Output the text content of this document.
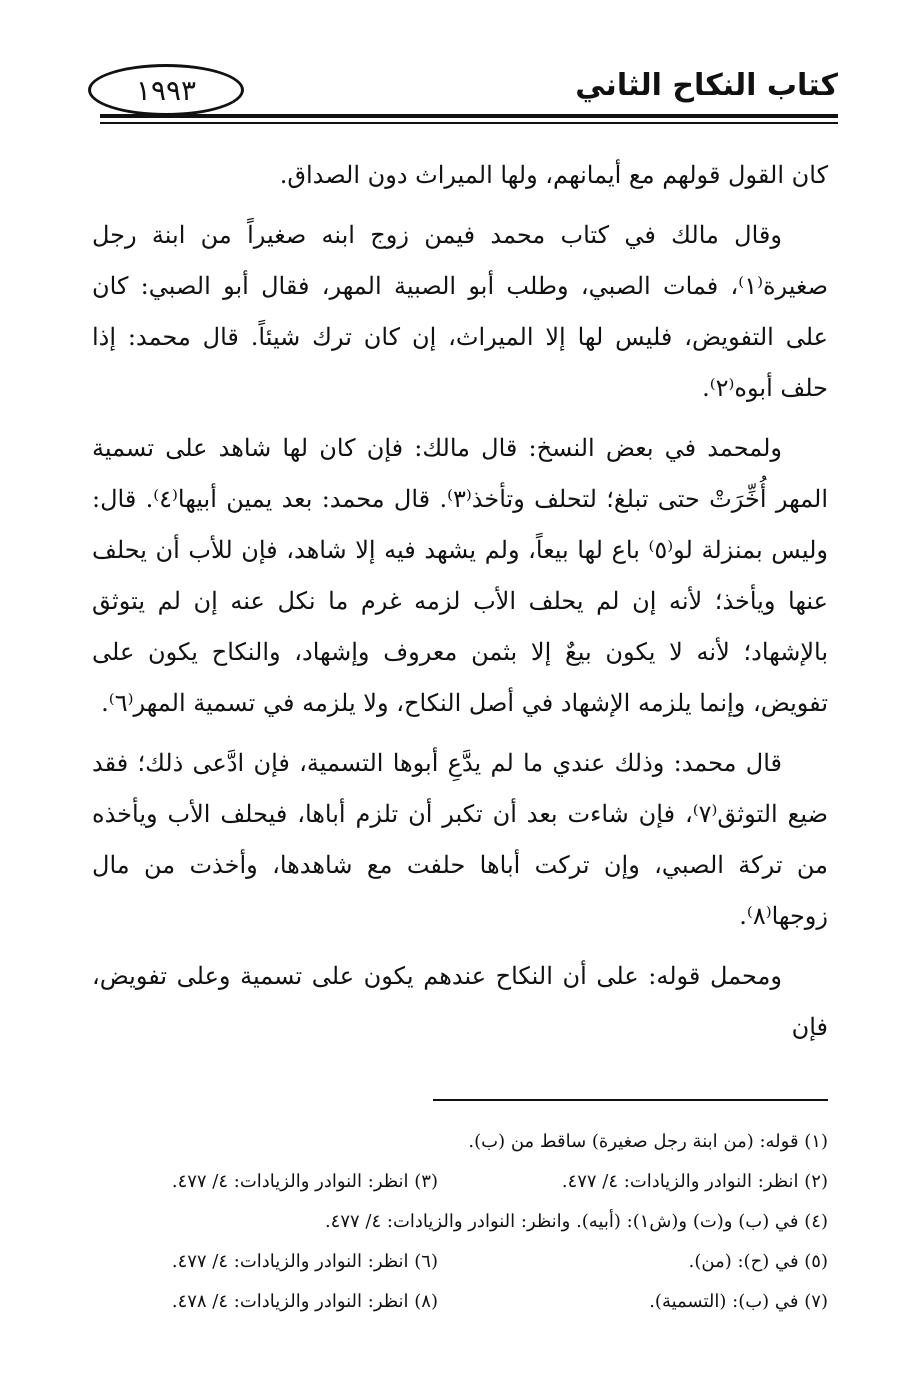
كتاب النكاح الثاني
١٩٩٣

كان القول قولهم مع أيمانهم، ولها الميراث دون الصداق.

وقال مالك في كتاب محمد فيمن زوج ابنه صغيراً من ابنة رجل صغيرة⁽١⁾، فمات الصبي، وطلب أبو الصبية المهر، فقال أبو الصبي: كان على التفويض، فليس لها إلا الميراث، إن كان ترك شيئاً. قال محمد: إذا حلف أبوه⁽٢⁾.

ولمحمد في بعض النسخ: قال مالك: فإن كان لها شاهد على تسمية المهر أُخِّرَتْ حتى تبلغ؛ لتحلف وتأخذ⁽٣⁾. قال محمد: بعد يمين أبيها⁽٤⁾. قال: وليس بمنزلة لو⁽٥⁾ باع لها بيعاً، ولم يشهد فيه إلا شاهد، فإن للأب أن يحلف عنها ويأخذ؛ لأنه إن لم يحلف الأب لزمه غرم ما نكل عنه إن لم يتوثق بالإشهاد؛ لأنه لا يكون بيعٌ إلا بثمن معروف وإشهاد، والنكاح يكون على تفويض، وإنما يلزمه الإشهاد في أصل النكاح، ولا يلزمه في تسمية المهر⁽٦⁾.

قال محمد: وذلك عندي ما لم يدَّعِ أبوها التسمية، فإن ادَّعى ذلك؛ فقد ضيع التوثق⁽٧⁾، فإن شاءت بعد أن تكبر أن تلزم أباها، فيحلف الأب ويأخذه من تركة الصبي، وإن تركت أباها حلفت مع شاهدها، وأخذت من مال زوجها⁽٨⁾.

ومحمل قوله: على أن النكاح عندهم يكون على تسمية وعلى تفويض، فإن

(١) قوله: (من ابنة رجل صغيرة) ساقط من (ب).
(٢) انظر: النوادر والزيادات: ٤/ ٤٧٧.
(٣) انظر: النوادر والزيادات: ٤/ ٤٧٧.
(٤) في (ب) و(ت) و(ش١): (أبيه). وانظر: النوادر والزيادات: ٤/ ٤٧٧.
(٥) في (ح): (من).
(٦) انظر: النوادر والزيادات: ٤/ ٤٧٧.
(٧) في (ب): (التسمية).
(٨) انظر: النوادر والزيادات: ٤/ ٤٧٨.
